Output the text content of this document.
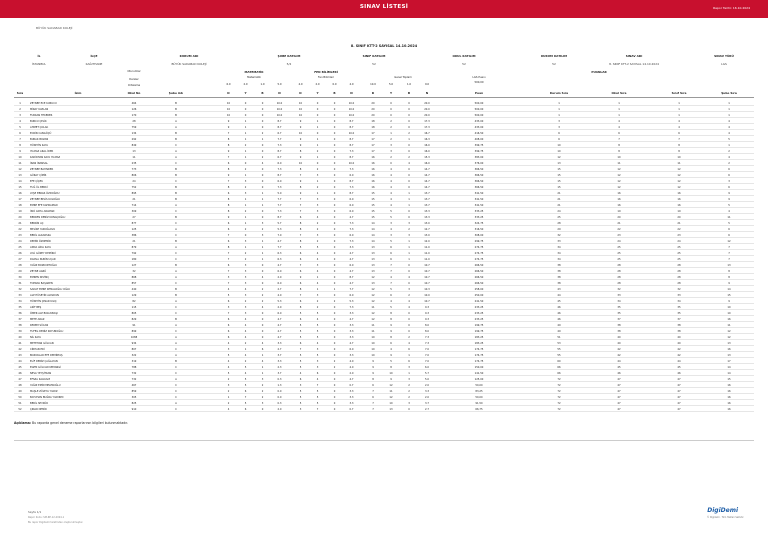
SINAV LİSTESİ	Rapor Tarihi: 16.10.2024
BÜYÜK SADABAD KOLEJİ
8. SINIF KTT-2 SAYISAL 14.10.2024
İL
İSTANBUL
İLÇE
KAĞITHANE
KURUM ADI
BÜYÜK SADABAD KOLEJİ
ŞUBE KATILIM
5/2
SINIF KATILIM
52
OKUL KATILIM
52
KURUM KATILIM
52
SINAV ADI
8. SINIF KTT-2 SAYISAL 14.10.2024
SINAV TÜRÜ
LGS
Oturumlar
Dersler
Ortalama
MATEMATİK
Matematik
FEN BİLİMLERİ
Fen Bilimleri	Genel Toplam
PUANLAR
LGS Puanı
500,00
6.0	2.0	1.0	5.0	4.0	2.0	0.0	4.0	10.0	5.0	1.0	9.0
Sıra	İsim	Okul No	Şube Adı	D	Y	B	N	D	Y	B	N	D	Y	B	N	Puan	Kurum Sıra	Okul Sıra	Sınıf Sıra	Şube Sıra
1	ZEYNEP ECE KURUCU	464	B	10	0	0	10.0	10	0	0	10.0	20	0	0	20.0	500,00	1	1	1	1
2	MİRAY KAPLAN	126	B	10	0	0	10.0	10	0	0	10.0	20	0	0	20.0	500,00	1	1	1	1
3	FURKAN TEKERER	170	B	10	0	0	10.0	10	0	0	10.0	20	0	0	20.0	500,00	1	1	1	1
4	BURCU ÇELİK	28	A	9	1	0	8.7	9	1	0	8.7	18	2	0	17.3	433,00	3	4	4	4
5	AHMET ÇOLAK	759	A	9	1	0	8.7	9	1	0	8.7	18	2	0	17.3	433,00	3	4	4	4
6	ECRİN CANGÖÇÜ	134	B	7	1	2	6.7	10	0	0	10.0	17	1	2	16.7	416,50	6	6	6	4
7	BURAK BOZAN	292	B	8	1	1	7.7	9	1	0	8.7	17	2	1	16.3	408,00	6	7	7	5
8	HÜSEYİN KAYA	849	C	8	2	0	7.3	9	1	0	8.7	17	3	0	16.0	399,75	10	8	8	1
9	YILMAZ ARAL İDER	13	A	9	1	0	8.7	8	2	0	7.3	17	3	0	16.0	399,75	10	8	8	2
10	KADİRHAN KAYA YILMAZ	11	A	7	1	2	6.7	9	1	0	8.7	16	2	2	15.3	383,00	12	10	10	4
11	İNAN İNANSAL	235	C	6	0	4	6.0	10	0	0	10.0	16	0	4	16.0	376,00	13	11	11	2
12	ZEYNEP BAYINDER	773	B	8	2	0	7.3	8	2	0	7.3	16	4	0	14.7	366,50	15	12	12	6
13	GÜRAY ÇİMİR	806	B	9	1	0	8.7	7	3	0	6.0	16	4	0	14.7	366,50	15	12	12	6
14	EFE ÇİÇEK	24	C	7	3	0	6.0	9	1	0	8.7	16	4	0	14.7	366,50	15	12	12	3
15	TUĞ ÜL BERKİ	752	B	8	2	0	7.3	8	2	0	7.3	16	4	0	14.7	366,50	15	12	12	6
16	AYŞE EBRAR ÖZDOĞDU	895	B	6	3	1	5.0	9	1	0	8.7	15	4	1	13.7	341,50	21	16	16	9
17	ZEYNEP BELİS KULOĞLU	21	B	8	1	1	7.7	7	3	0	6.0	15	4	1	13.7	341,50	21	16	16	9
18	EMRE EFE KAHRAMAN	714	A	8	1	1	7.7	7	3	0	6.0	15	4	1	13.7	341,50	21	16	16	5
19	İNCİ AKHA ARAMAN	309	C	8	2	0	7.3	7	3	0	6.0	15	5	0	13.3	333,25	24	19	19	4
20	BERKEN DENİZ KONAÇOĞLU	27	B	9	1	0	8.7	6	4	0	4.7	15	5	0	13.3	333,25	25	20	20	11
21	BERKİN AÇ	877	C	6	1	3	5.7	8	2	0	7.3	14	3	3	13.0	324,75	28	21	21	5
22	MELİKE YAROĞLOVA	125	A	6	2	2	5.3	8	2	0	7.3	14	4	2	12.7	316,50	29	22	22	6
23	BERİL ALKARSKA	386	C	7	0	3	7.0	7	3	0	6.0	14	3	3	13.0	308,00	32	23	23	6
24	DEMİR ÖZDEMİR	21	B	6	3	1	4.7	8	2	0	7.3	14	5	1	12.0	299,75	33	24	24	12
25	ASMA AİDA KAYA	879	A	8	1	1	7.7	5	5	0	3.3	13	6	1	11.0	274,75	34	25	25	7
26	AYLİ GÜZEY DEMİRCİ	792	C	7	2	1	6.3	6	4	0	4.7	13	6	1	11.0	274,75	34	25	25	7
27	DAMLA NURİN UÇAR	180	C	7	2	1	6.3	6	4	0	4.7	13	6	1	11.0	274,75	34	25	25	7
28	YAĞIZ BOZKURTOĞLU	127	B	6	3	0	4.7	7	3	0	6.0	13	7	0	10.7	266,50	38	28	28	13
29	ZEYNE AGRÜ	32	A	7	3	0	6.0	6	4	0	4.7	13	7	0	10.7	266,50	38	28	28	8
30	EMREN SEVİNÇ	868	A	3	3	4	2.0	9	1	0	8.7	12	4	4	10.7	266,50	38	28	28	8
31	TOPRAK BAŞAREN	857	C	7	3	0	6.0	6	4	0	4.7	13	7	0	10.7	266,50	38	28	28	9
32	SADAT EMRE KEMALOĞLU OĞLU	440	B	4	4	2	2.7	8	1	1	7.7	12	5	3	10.3	258,00	43	32	32	14
33	ALP HÜSEYİN ALMAYAN	129	B	5	3	2	4.0	7	3	0	6.0	12	6	2	10.0	250,00	44	33	33	15
34	HÜSEYİN ÇINAR KILIÇ	82	A	6	2	2	5.3	6	2	2	5.3	12	4	4	10.7	241,50	45	34	34	9
35	AKİF BEŞ	115	C	3	3	4	2.0	8	2	0	7.3	11	5	4	9.3	233,25	46	35	35	10
36	ÖMER ALP BOLUKBAŞI	805	C	7	3	0	6.0	5	5	0	3.3	12	8	0	9.3	233,25	46	35	35	10
37	METE ARAZ	829	B	6	4	0	4.7	6	4	0	4.7	12	8	0	9.3	233,25	46	37	37	16
38	KEREM SÜCAN	91	A	6	4	0	4.7	5	5	0	3.3	11	9	0	8.0	199,75	49	38	38	11
39	TUFEG DENİZ KOYUNOĞLU	899	C	6	4	0	4.7	5	5	0	3.3	11	9	0	8.0	199,75	49	38	38	12
40	NİL KAYA	1088	A	6	4	0	4.7	5	5	0	3.3	10	8	2	7.3	183,25	51	40	40	12
41	METEHAN GÜLCAN	934	A	4	2	4	3.3	6	4	0	4.7	10	6	4	7.3	183,25	53	40	40	13
42	CİRHAN ERİ	807	C	3	1	6	2.7	7	3	0	6.0	10	4	6	7.0	174,75	55	42	42	16
43	BOZOKLAR EFE DEMİRTAŞ	322	A	5	4	1	3.7	5	5	0	3.3	10	9	1	7.0	174,75	55	42	42	13
44	ELİF DENİZ ÇAĞLAYAN	319	B	4	2	4	3.3	5	3	2	4.0	9	5	6	7.0	174,75	60	44	44	17
45	EGEM GÜLCAN KEMANGİ	788	C	4	5	1	2.3	5	3	2	4.0	9	8	3	6.0	150,00	66	45	45	14
46	NEVA YEYŞİTKAN	732	C	5	4	1	3.7	4	6	0	2.0	9	10	1	5.7	141,50	66	46	46	14
47	EFSZA KALKAVZ	732	A	2	5	3	0.3	6	4	0	4.7	8	9	3	5.0	125,00	72	47	47	15
48	YAĞIZ EMİN MELEKOĞLU	467	C	3	5	2	1.3	3	7	0	0.7	6	12	2	2.0	50,00	72	47	47	16
49	MAŞLE ZÜLEYA YILDIZ	859	C	2	6	2	0.0	5	5	0	3.3	7	11	2	3.3	83,25	72	47	47	16
50	BATUHAN BUĞRA YILDIRIM	305	C	1	7	2	0.0	5	5	0	3.3	6	12	2	2.0	50,00	72	47	47	16
51	BERİL SEVKÜR	825	A	2	5	3	0.3	5	5	0	3.3	7	10	3	3.7	91,50	72	47	47	16
52	ÇINAR DEMİR	910	C	4	6	0	2.0	3	7	0	0.7	7	13	0	2.7	66,75	72	47	47	16
Açıklama: Bu raporda genel deneme raporlarının bilgileri bulunmaktadır.
Sayfa 1/1
Rapor Kodu: SM-RE-12-2024-1
Bu rapor Digidemi tarafından oluşturulmuştur.
DigiDemi
© Digidemi · Tüm Hakları Saklıdır.
